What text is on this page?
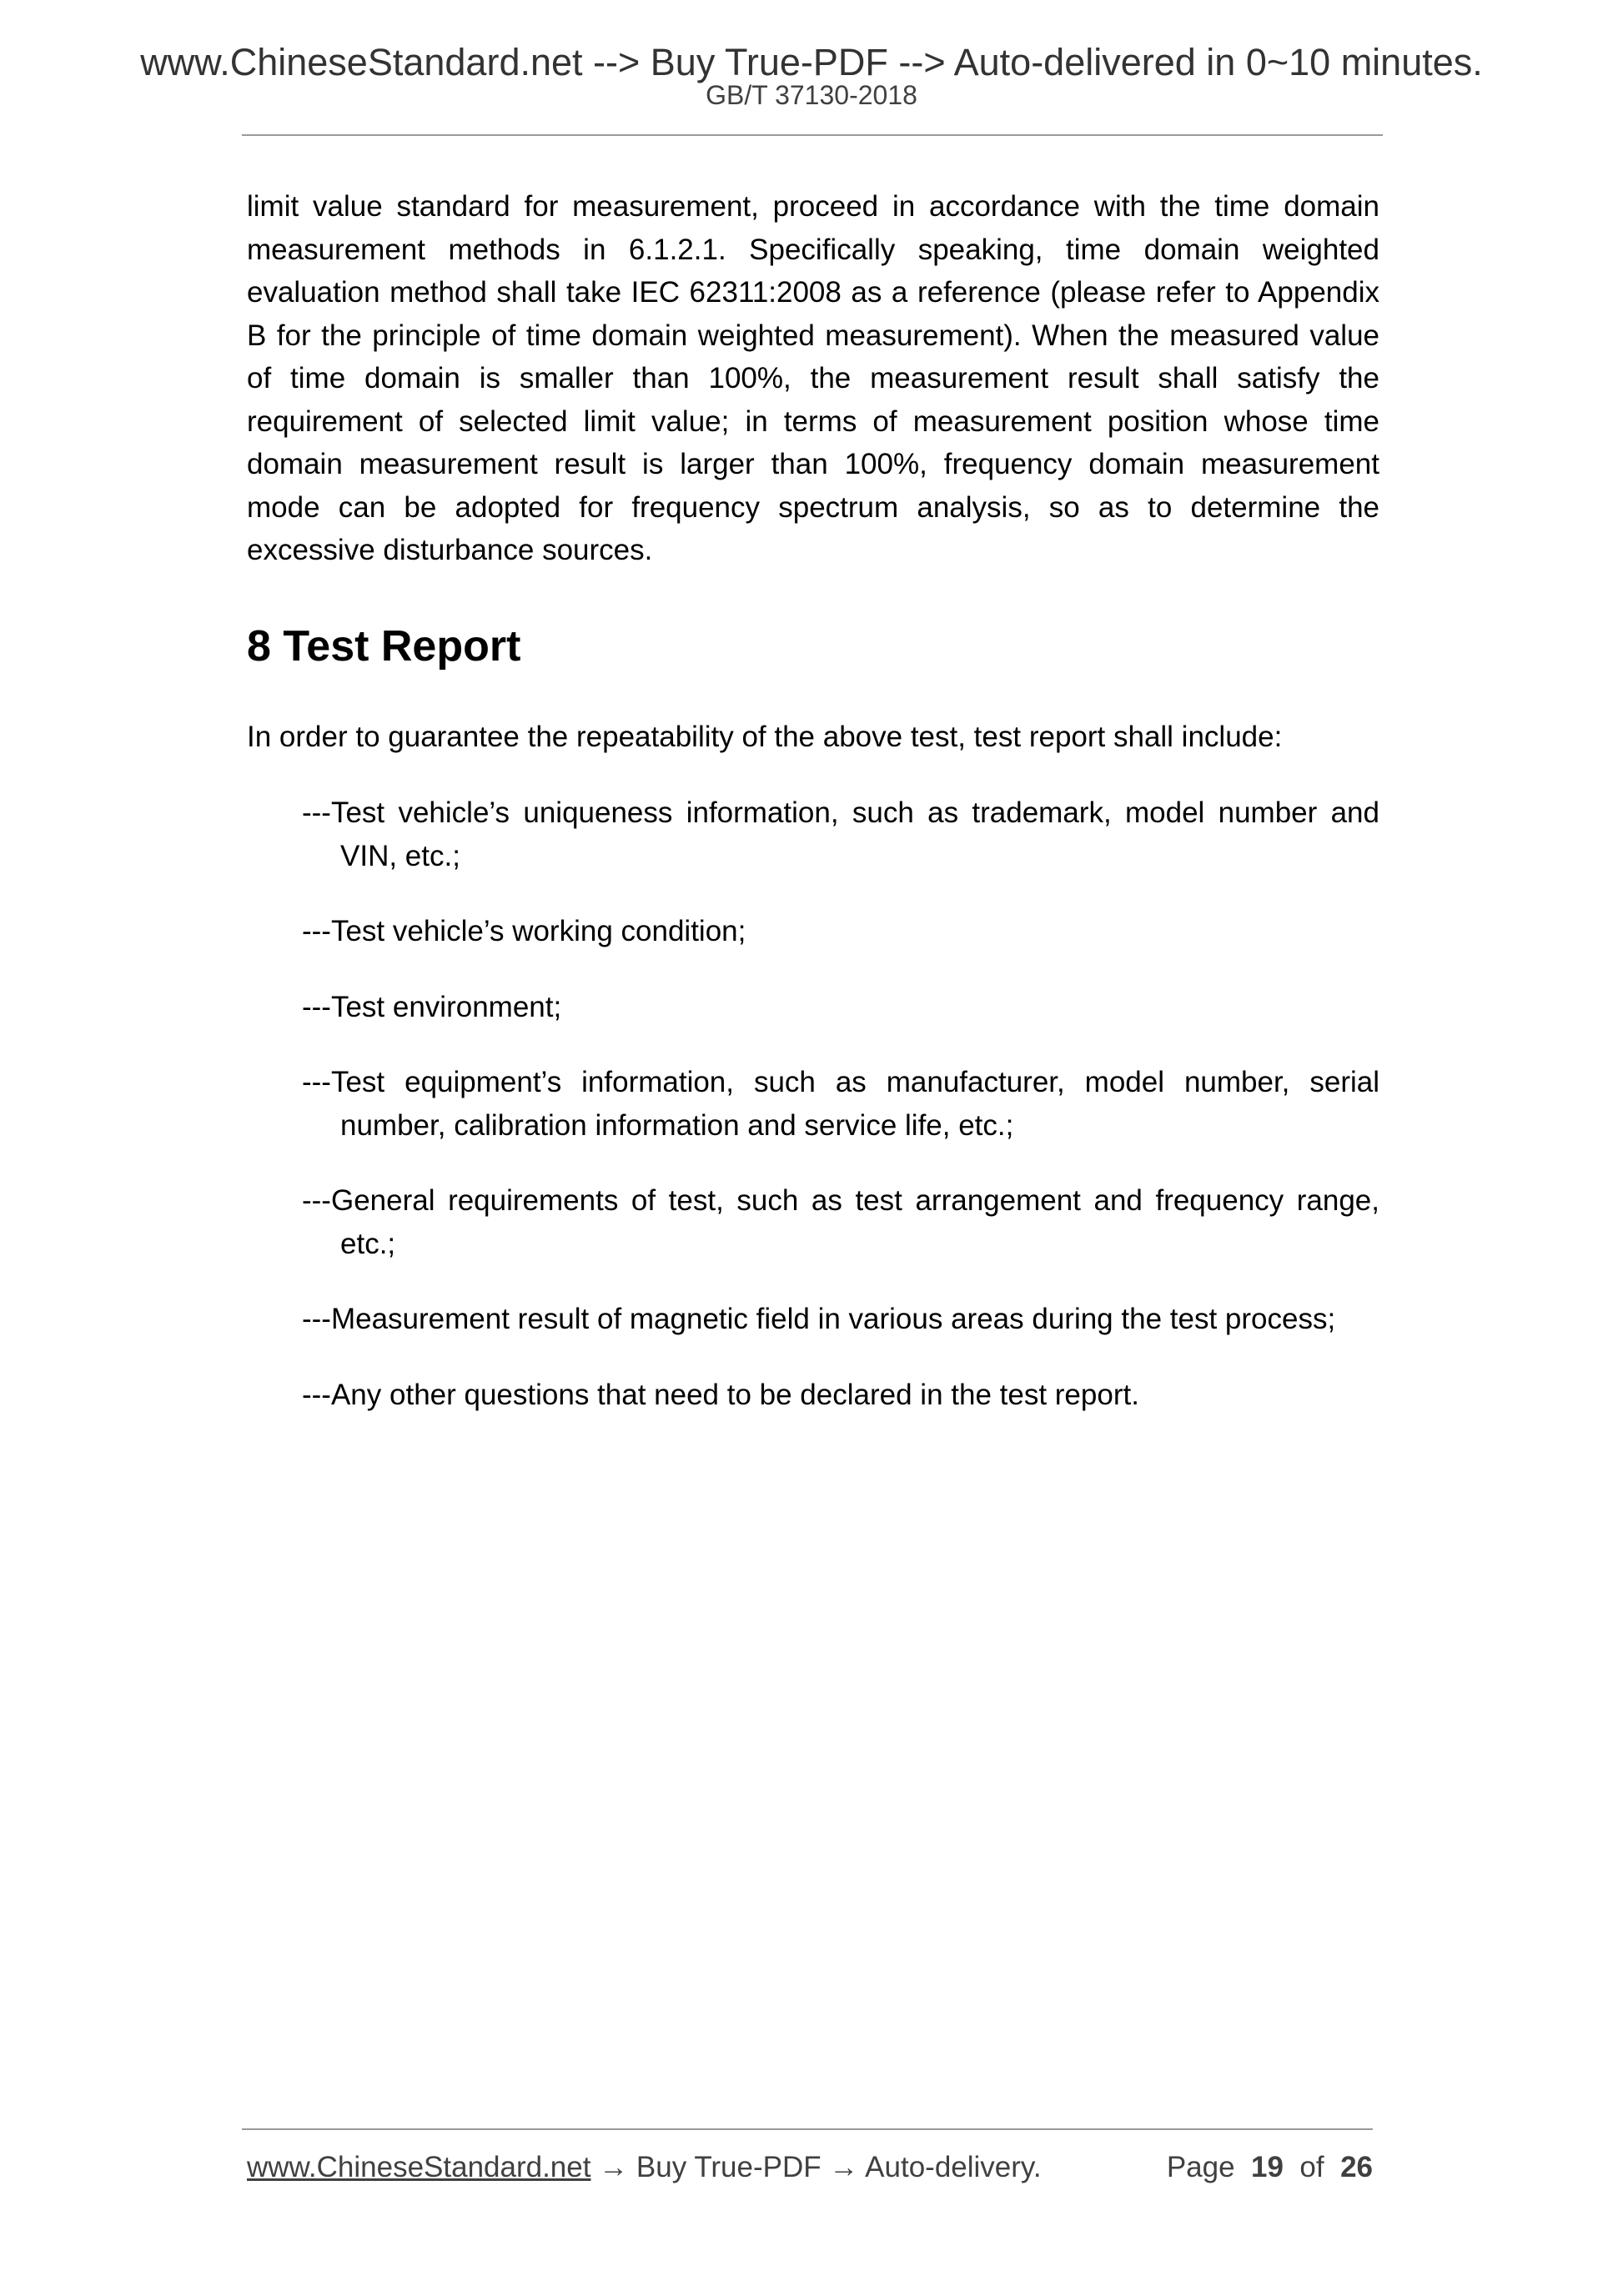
www.ChineseStandard.net --> Buy True-PDF --> Auto-delivered in 0~10 minutes.
GB/T 37130-2018

limit value standard for measurement, proceed in accordance with the time domain measurement methods in 6.1.2.1. Specifically speaking, time domain weighted evaluation method shall take IEC 62311:2008 as a reference (please refer to Appendix B for the principle of time domain weighted measurement). When the measured value of time domain is smaller than 100%, the measurement result shall satisfy the requirement of selected limit value; in terms of measurement position whose time domain measurement result is larger than 100%, frequency domain measurement mode can be adopted for frequency spectrum analysis, so as to determine the excessive disturbance sources.

8 Test Report

In order to guarantee the repeatability of the above test, test report shall include:

---Test vehicle’s uniqueness information, such as trademark, model number and VIN, etc.;
---Test vehicle’s working condition;
---Test environment;
---Test equipment’s information, such as manufacturer, model number, serial number, calibration information and service life, etc.;
---General requirements of test, such as test arrangement and frequency range, etc.;
---Measurement result of magnetic field in various areas during the test process;
---Any other questions that need to be declared in the test report.
www.ChineseStandard.net → Buy True-PDF → Auto-delivery.	Page 19 of 26
